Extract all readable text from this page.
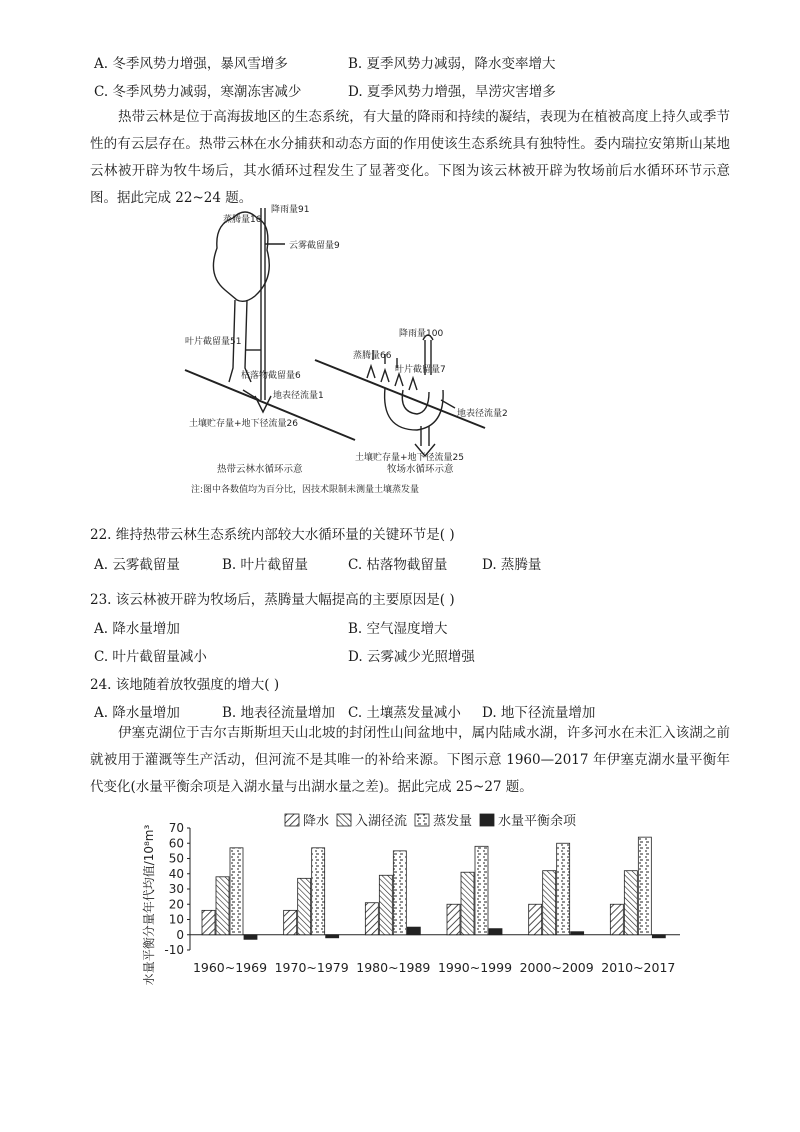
A. 冬季风势力增强，暴风雪增多	B. 夏季风势力减弱，降水变率增大
C. 冬季风势力减弱，寒潮冻害减少	D. 夏季风势力增强，旱涝灾害增多
热带云林是位于高海拔地区的生态系统，有大量的降雨和持续的凝结，表现为在植被高度上持久或季节性的有云层存在。热带云林在水分捕获和动态方面的作用使该生态系统具有独特性。委内瑞拉安第斯山某地云林被开辟为牧牛场后，其水循环过程发生了显著变化。下图为该云林被开辟为牧场前后水循环环节示意图。据此完成 22~24 题。
蒸腾量16
降雨量91
云雾截留量9
叶片截留量51
枯落物截留量6
地表径流量1
土壤贮存量+地下径流量26
热带云林水循环示意
降雨量100
蒸腾量66
叶片截留量7
地表径流量2
土壤贮存量+地下径流量25
牧场水循环示意
注:图中各数值均为百分比，因技术限制未测量土壤蒸发量
22. 维持热带云林生态系统内部较大水循环量的关键环节是( )
A. 云雾截留量	B. 叶片截留量	C. 枯落物截留量	D. 蒸腾量
23. 该云林被开辟为牧场后，蒸腾量大幅提高的主要原因是( )
A. 降水量增加	B. 空气湿度增大
C. 叶片截留量减小	D. 云雾减少光照增强
24. 该地随着放牧强度的增大( )
A. 降水量增加	B. 地表径流量增加 C. 土壤蒸发量减小 D. 地下径流量增加
伊塞克湖位于吉尔吉斯斯坦天山北坡的封闭性山间盆地中，属内陆咸水湖，许多河水在未汇入该湖之前就被用于灌溉等生产活动，但河流不是其唯一的补给来源。下图示意 1960—2017 年伊塞克湖水量平衡年代变化(水量平衡余项是入湖水量与出湖水量之差)。据此完成 25~27 题。
水量平衡分量年代均值/10⁸m³
降水 入湖径流 蒸发量 水量平衡余项
70
60
50
40
30
20
10
0
-10
1960~1969 1970~1979 1980~1989 1990~1999 2000~2009 2010~2017
